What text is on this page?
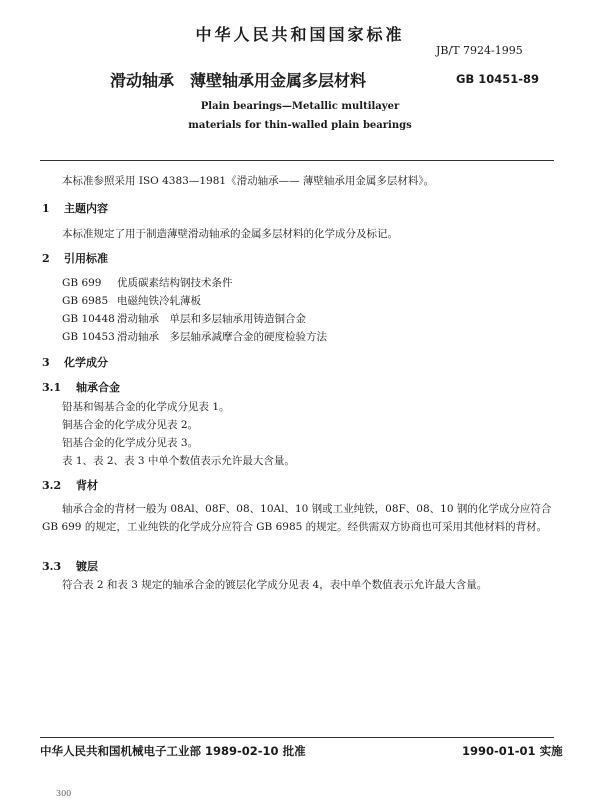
中华人民共和国国家标准
JB/T 7924-1995
滑动轴承　薄壁轴承用金属多层材料	GB 10451-89
Plain bearings—Metallic multilayer
materials for thin-walled plain bearings
本标准参照采用 ISO 4383—1981《滑动轴承—— 薄壁轴承用金属多层材料》。
1 主题内容
本标准规定了用于制造薄壁滑动轴承的金属多层材料的化学成分及标记。
2 引用标准
GB 699 优质碳素结构钢技术条件
GB 6985 电磁纯铁冷轧薄板
GB 10448 滑动轴承　单层和多层轴承用铸造铜合金
GB 10453 滑动轴承　多层轴承减摩合金的硬度检验方法
3 化学成分
3.1 轴承合金
铅基和锡基合金的化学成分见表 1。
铜基合金的化学成分见表 2。
铝基合金的化学成分见表 3。
表 1、表 2、表 3 中单个数值表示允许最大含量。
3.2 背材
轴承合金的背材一般为 08Al、08F、08、10Al、10 钢或工业纯铁，08F、08、10 钢的化学成分应符合 GB 699 的规定，工业纯铁的化学成分应符合 GB 6985 的规定。经供需双方协商也可采用其他材料的背材。
3.3 镀层
符合表 2 和表 3 规定的轴承合金的镀层化学成分见表 4，表中单个数值表示允许最大含量。
中华人民共和国机械电子工业部 1989-02-10 批准	1990-01-01 实施
300
